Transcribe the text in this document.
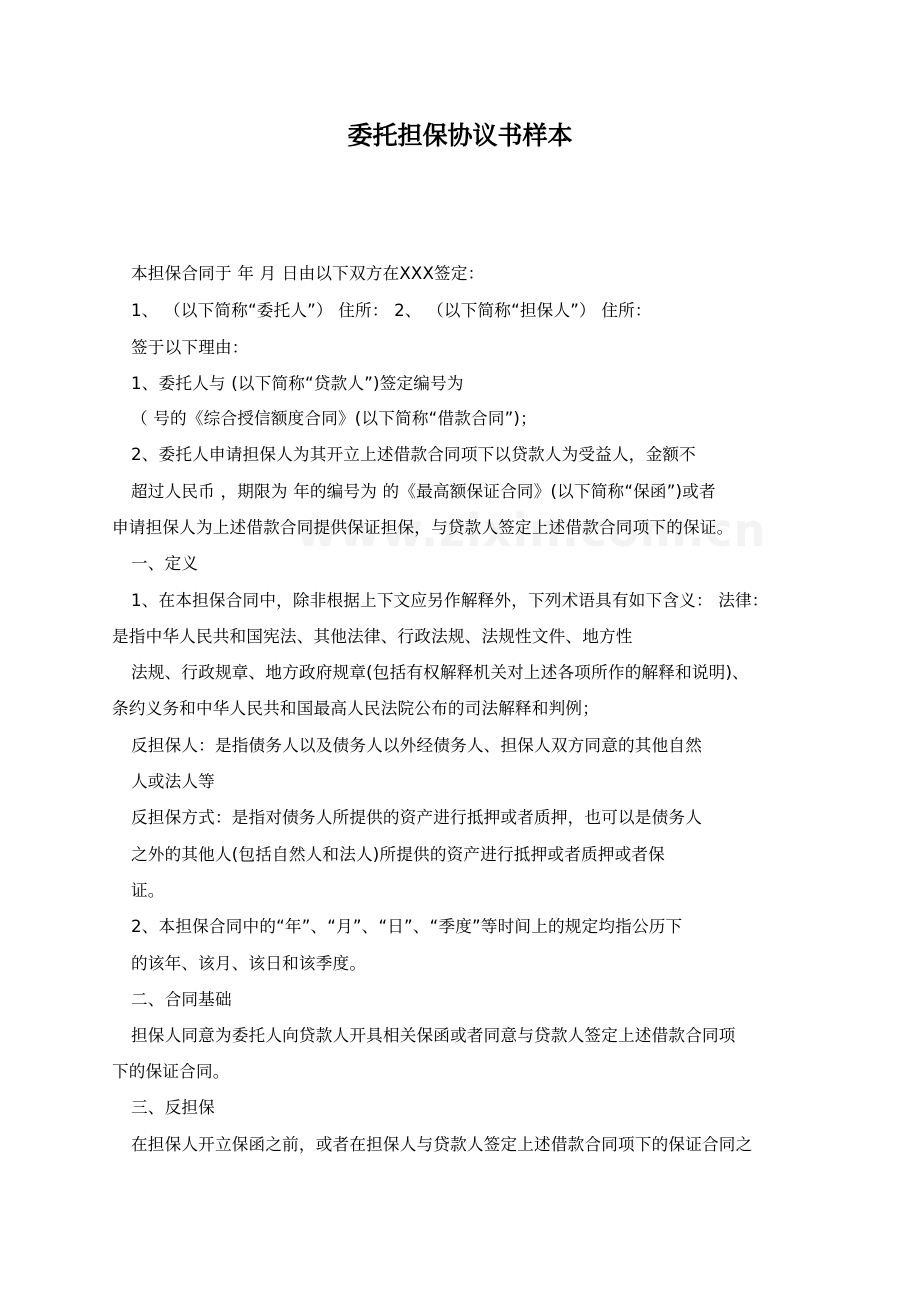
委托担保协议书样本
本担保合同于 年 月 日由以下双方在XXX签定：
1、 （以下简称“委托人”） 住所： 2、 （以下简称“担保人”） 住所：
签于以下理由：
1、委托人与 (以下简称“贷款人”)签定编号为
（ 号的《综合授信额度合同》(以下简称“借款合同”)；
2、委托人申请担保人为其开立上述借款合同项下以贷款人为受益人，金额不
超过人民币 ，期限为 年的编号为 的《最高额保证合同》(以下简称“保函”)或者
申请担保人为上述借款合同提供保证担保，与贷款人签定上述借款合同项下的保证。
一、定义
1、在本担保合同中，除非根据上下文应另作解释外，下列术语具有如下含义： 法律：
是指中华人民共和国宪法、其他法律、行政法规、法规性文件、地方性
法规、行政规章、地方政府规章(包括有权解释机关对上述各项所作的解释和说明)、
条约义务和中华人民共和国最高人民法院公布的司法解释和判例；
反担保人：是指债务人以及债务人以外经债务人、担保人双方同意的其他自然
人或法人等
反担保方式：是指对债务人所提供的资产进行抵押或者质押，也可以是债务人
之外的其他人(包括自然人和法人)所提供的资产进行抵押或者质押或者保
证。
2、本担保合同中的“年”、“月”、“日”、“季度”等时间上的规定均指公历下
的该年、该月、该日和该季度。
二、合同基础
担保人同意为委托人向贷款人开具相关保函或者同意与贷款人签定上述借款合同项
下的保证合同。
三、反担保
在担保人开立保函之前，或者在担保人与贷款人签定上述借款合同项下的保证合同之
